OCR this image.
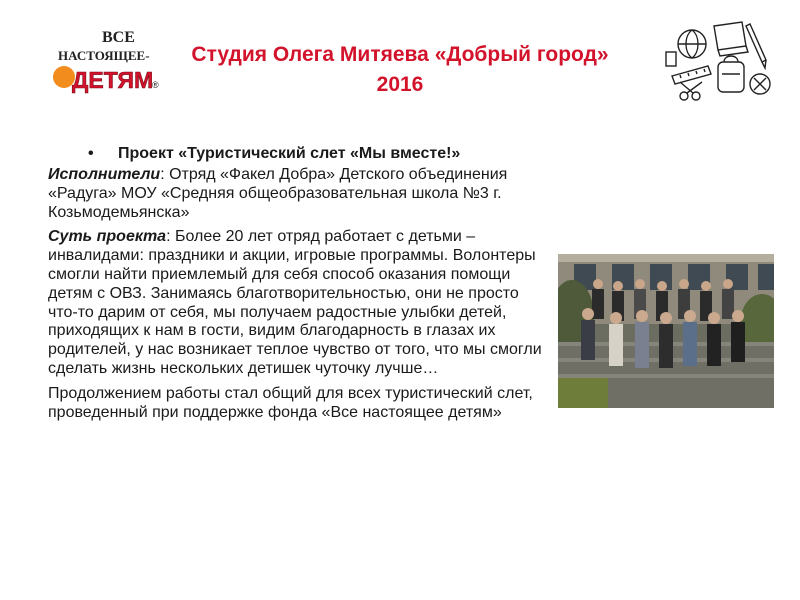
ВСЕ
НАСТОЯЩЕЕ-
ДЕТЯМ
®
Студия Олега Митяева «Добрый город»
2016
• Проект «Туристический слет «Мы вместе!»

Исполнители: Отряд «Факел Добра» Детского объединения «Радуга» МОУ «Средняя общеобразовательная школа №3 г. Козьмодемьянска»

Суть проекта: Более 20 лет отряд работает с детьми – инвалидами: праздники и акции, игровые программы. Волонтеры смогли найти приемлемый для себя способ оказания помощи детям с ОВЗ. Занимаясь благотворительностью, они не просто что-то дарим от себя, мы получаем радостные улыбки детей, приходящих к нам в гости, видим благодарность в глазах их родителей, у нас возникает теплое чувство от того, что мы смогли сделать жизнь нескольких детишек чуточку лучше…

Продолжением работы стал общий для всех туристический слет, проведенный при поддержке фонда «Все настоящее детям»
